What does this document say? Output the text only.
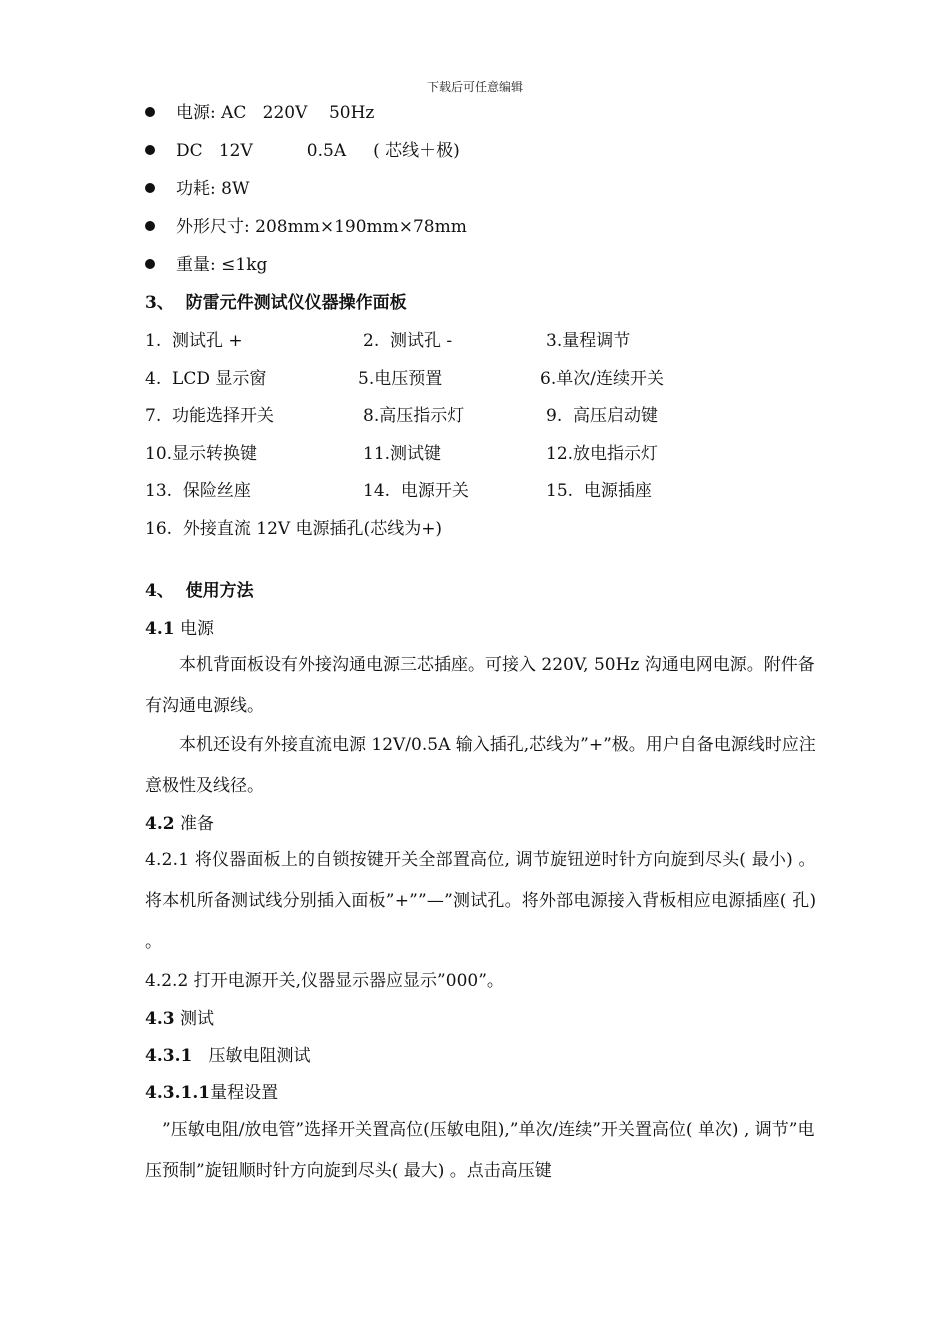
下载后可任意编辑
电源: AC   220V    50Hz
DC   12V          0.5A     ( 芯线＋极)
功耗: 8W
外形尺寸: 208mm×190mm×78mm
重量: ≤1kg
3、  防雷元件测试仪仪器操作面板
1.  测试孔 +	2.  测试孔 -	3.量程调节
4.  LCD 显示窗	5.电压预置	6.单次/连续开关
7.  功能选择开关	8.高压指示灯	9.  高压启动键
10.显示转换键	11.测试键	12.放电指示灯
13.  保险丝座	14.  电源开关	15.  电源插座
16.  外接直流 12V 电源插孔(芯线为+)
4、  使用方法
4.1 电源
　　本机背面板设有外接沟通电源三芯插座。可接入 220V, 50Hz 沟通电网电源。附件备有沟通电源线。
　　本机还设有外接直流电源 12V/0.5A 输入插孔,芯线为”+”极。用户自备电源线时应注意极性及线径。
4.2 准备
4.2.1 将仪器面板上的自锁按键开关全部置高位, 调节旋钮逆时针方向旋到尽头( 最小) 。将本机所备测试线分别插入面板”+””—”测试孔。将外部电源接入背板相应电源插座( 孔) 。
4.2.2 打开电源开关,仪器显示器应显示”000”。
4.3 测试
4.3.1   压敏电阻测试
4.3.1.1量程设置
　”压敏电阻/放电管”选择开关置高位(压敏电阻),”单次/连续”开关置高位( 单次) , 调节”电压预制”旋钮顺时针方向旋到尽头( 最大) 。点击高压键
